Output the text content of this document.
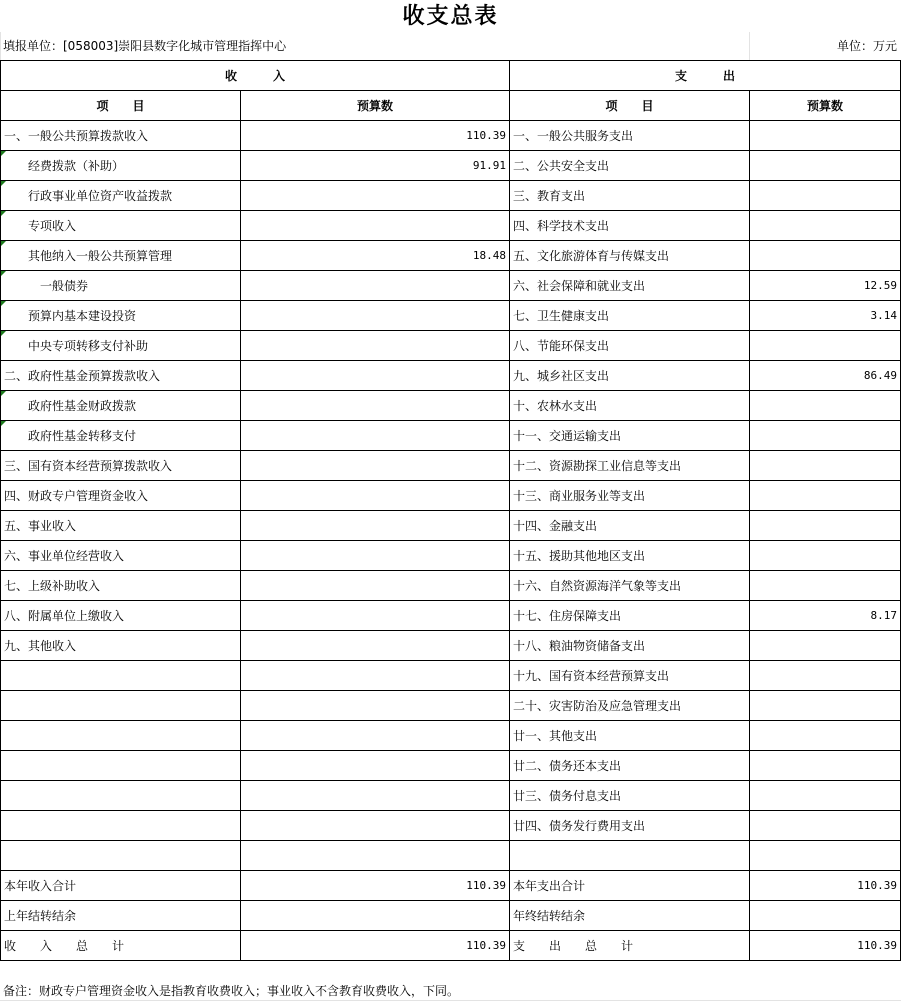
收支总表
填报单位：[058003]崇阳县数字化城市管理指挥中心	单位：万元
收　　　入		支　　　出	
项　　目	预算数	项　　目	预算数
一、一般公共预算拨款收入	110.39	一、一般公共服务支出	
经费拨款（补助）	91.91	二、公共安全支出	
行政事业单位资产收益拨款		三、教育支出	
专项收入		四、科学技术支出	
其他纳入一般公共预算管理	18.48	五、文化旅游体育与传媒支出	
一般债券		六、社会保障和就业支出	12.59
预算内基本建设投资		七、卫生健康支出	3.14
中央专项转移支付补助		八、节能环保支出	
二、政府性基金预算拨款收入		九、城乡社区支出	86.49
政府性基金财政拨款		十、农林水支出	
政府性基金转移支付		十一、交通运输支出	
三、国有资本经营预算拨款收入		十二、资源勘探工业信息等支出	
四、财政专户管理资金收入		十三、商业服务业等支出	
五、事业收入		十四、金融支出	
六、事业单位经营收入		十五、援助其他地区支出	
七、上级补助收入		十六、自然资源海洋气象等支出	
八、附属单位上缴收入		十七、住房保障支出	8.17
九、其他收入		十八、粮油物资储备支出	
		十九、国有资本经营预算支出	
		二十、灾害防治及应急管理支出	
		廿一、其他支出	
		廿二、债务还本支出	
		廿三、债务付息支出	
		廿四、债务发行费用支出	

本年收入合计	110.39	本年支出合计	110.39
上年结转结余		年终结转结余	
收　　入　　总　　计	110.39	支　　出　　总　　计	110.39
备注：财政专户管理资金收入是指教育收费收入；事业收入不含教育收费收入，下同。
